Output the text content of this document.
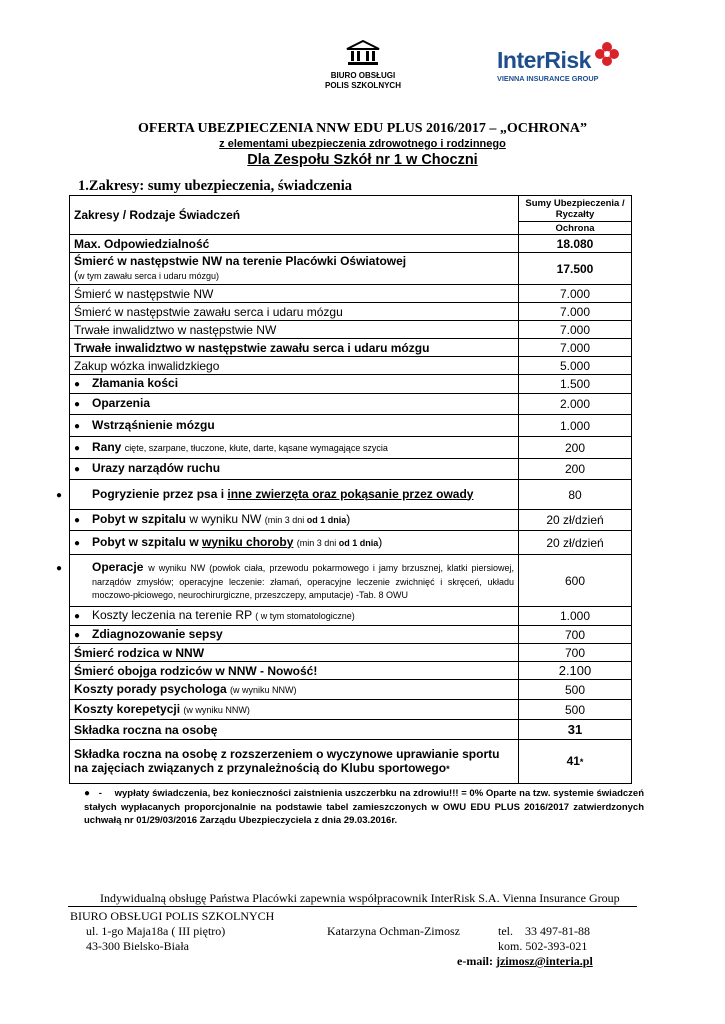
BIURO OBSŁUGI
POLIS SZKOLNYCH
InterRisk
VIENNA INSURANCE GROUP
OFERTA UBEZPIECZENIA NNW EDU PLUS 2016/2017 – „OCHRONA”
z elementami ubezpieczenia zdrowotnego i rodzinnego
Dla Zespołu Szkół nr 1 w Choczni
1.Zakresy: sumy ubezpieczenia, świadczenia
Zakresy / Rodzaje Świadczeń	Sumy Ubezpieczenia / Ryczałty
	Ochrona
Max. Odpowiedzialność	18.080

Śmierć w następstwie NW na terenie Placówki Oświatowej
(w tym zawału serca i udaru mózgu)	17.500
Śmierć w następstwie NW	7.000
Śmierć w następstwie zawału serca i udaru mózgu	7.000
Trwałe inwalidztwo w następstwie NW	7.000
Trwałe inwalidztwo w następstwie zawału serca i udaru mózgu	7.000
Zakup wózka inwalidzkiego	5.000
● Złamania kości	1.500
● Oparzenia	2.000
● Wstrząśnienie mózgu	1.000
● Rany cięte, szarpane, tłuczone, kłute, darte, kąsane wymagające szycia	200
● Urazy narządów ruchu	200
● Pogryzienie przez psa i inne zwierzęta oraz pokąsanie przez owady	80
● Pobyt w szpitalu w wyniku NW (min 3 dni od 1 dnia)	20 zł/dzień
● Pobyt w szpitalu w wyniku choroby (min 3 dni od 1 dnia)	20 zł/dzień
● Operacje w wyniku NW (powłok ciała, przewodu pokarmowego i jamy brzusznej, klatki piersiowej, narządów zmysłów; operacyjne leczenie: złamań, operacyjne leczenie zwichnięć i skręceń, układu moczowo-płciowego, neurochirurgiczne, przeszczepy, amputacje) -Tab. 8 OWU	600
● Koszty leczenia na terenie RP ( w tym stomatologiczne)	1.000
● Zdiagnozowanie sepsy	700
Śmierć rodzica w NNW	700
Śmierć obojga rodziców w NNW - Nowość!	2.100
Koszty porady psychologa (w wyniku NNW)	500
Koszty korepetycji (w wyniku NNW)	500
Składka roczna na osobę	31
Składka roczna na osobę z rozszerzeniem o wyczynowe uprawianie sportu na zajęciach związanych z przynależnością do Klubu sportowego*	41*
● - wypłaty świadczenia, bez konieczności zaistnienia uszczerbku na zdrowiu!!! = 0% Oparte na tzw. systemie świadczeń stałych wypłacanych proporcjonalnie na podstawie tabel zamieszczonych w OWU EDU PLUS 2016/2017 zatwierdzonych uchwałą nr 01/29/03/2016 Zarządu Ubezpieczyciela z dnia 29.03.2016r.
Indywidualną obsługę Państwa Placówki zapewnia współpracownik InterRisk S.A. Vienna Insurance Group
BIURO OBSŁUGI POLIS SZKOLNYCH
ul. 1-go Maja18a ( III piętro)
43-300 Bielsko-Biała
Katarzyna Ochman-Zimosz	tel.    33 497-81-88
kom. 502-393-021
e-mail: jzimosz@interia.pl
